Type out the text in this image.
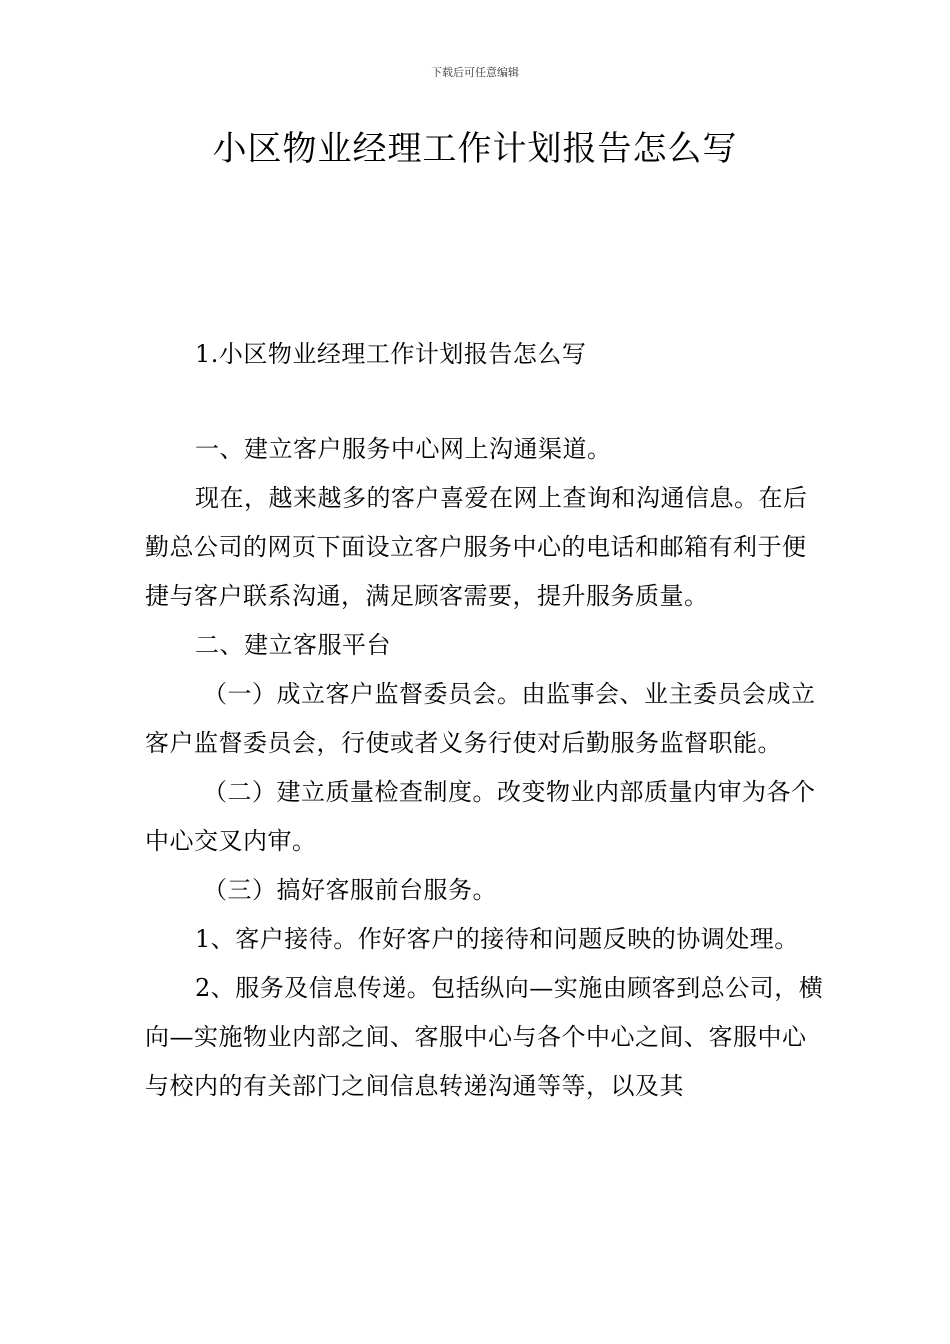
下载后可任意编辑
小区物业经理工作计划报告怎么写

1.小区物业经理工作计划报告怎么写

一、建立客户服务中心网上沟通渠道。

现在，越来越多的客户喜爱在网上查询和沟通信息。在后勤总公司的网页下面设立客户服务中心的电话和邮箱有利于便捷与客户联系沟通，满足顾客需要，提升服务质量。

二、建立客服平台

（一）成立客户监督委员会。由监事会、业主委员会成立客户监督委员会，行使或者义务行使对后勤服务监督职能。

（二）建立质量检查制度。改变物业内部质量内审为各个中心交叉内审。

（三）搞好客服前台服务。

1、客户接待。作好客户的接待和问题反映的协调处理。

2、服务及信息传递。包括纵向—实施由顾客到总公司，横向—实施物业内部之间、客服中心与各个中心之间、客服中心与校内的有关部门之间信息转递沟通等等，以及其
